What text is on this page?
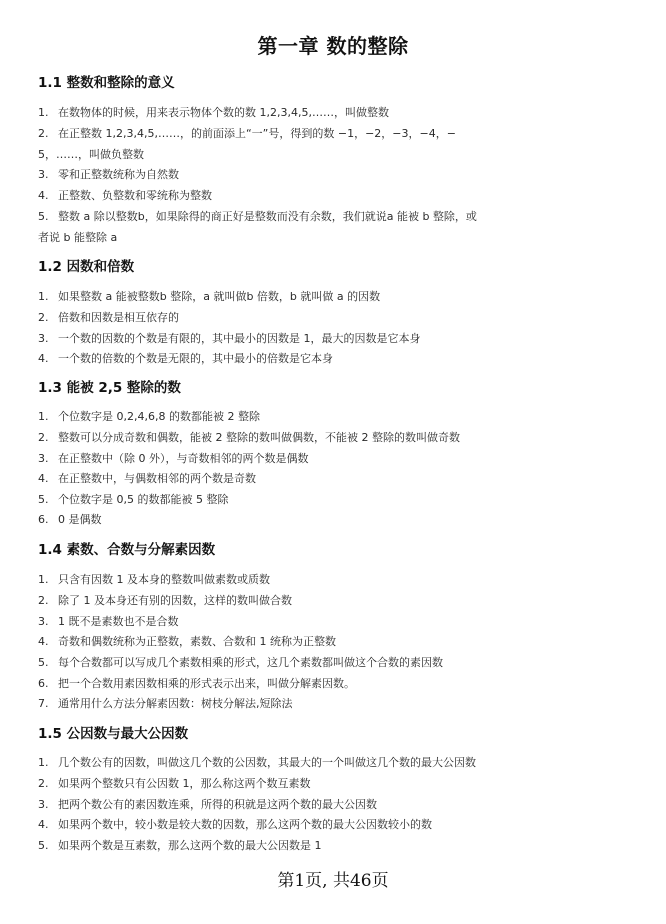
第一章 数的整除
1.1 整数和整除的意义
1. 在数物体的时候，用来表示物体个数的数 1,2,3,4,5,……，叫做整数
2. 在正整数 1,2,3,4,5,……，的前面添上“一”号，得到的数 −1，−2，−3，−4，−
5，……，叫做负整数
3. 零和正整数统称为自然数
4. 正整数、负整数和零统称为整数
5. 整数 a 除以整数b，如果除得的商正好是整数而没有余数，我们就说a 能被 b 整除，或
者说 b 能整除 a
1.2 因数和倍数
1. 如果整数 a 能被整数b 整除，a 就叫做b 倍数，b 就叫做 a 的因数
2. 倍数和因数是相互依存的
3. 一个数的因数的个数是有限的，其中最小的因数是 1，最大的因数是它本身
4. 一个数的倍数的个数是无限的，其中最小的倍数是它本身
1.3 能被 2,5 整除的数
1. 个位数字是 0,2,4,6,8 的数都能被 2 整除
2. 整数可以分成奇数和偶数，能被 2 整除的数叫做偶数，不能被 2 整除的数叫做奇数
3. 在正整数中（除 0 外），与奇数相邻的两个数是偶数
4. 在正整数中，与偶数相邻的两个数是奇数
5. 个位数字是 0,5 的数都能被 5 整除
6. 0 是偶数
1.4 素数、合数与分解素因数
1. 只含有因数 1 及本身的整数叫做素数或质数
2. 除了 1 及本身还有别的因数，这样的数叫做合数
3. 1 既不是素数也不是合数
4. 奇数和偶数统称为正整数，素数、合数和 1 统称为正整数
5. 每个合数都可以写成几个素数相乘的形式，这几个素数都叫做这个合数的素因数
6. 把一个合数用素因数相乘的形式表示出来，叫做分解素因数。
7. 通常用什么方法分解素因数：树枝分解法,短除法
1.5 公因数与最大公因数
1. 几个数公有的因数，叫做这几个数的公因数，其最大的一个叫做这几个数的最大公因数
2. 如果两个整数只有公因数 1，那么称这两个数互素数
3. 把两个数公有的素因数连乘，所得的积就是这两个数的最大公因数
4. 如果两个数中，较小数是较大数的因数，那么这两个数的最大公因数较小的数
5. 如果两个数是互素数，那么这两个数的最大公因数是 1
第1页, 共46页
